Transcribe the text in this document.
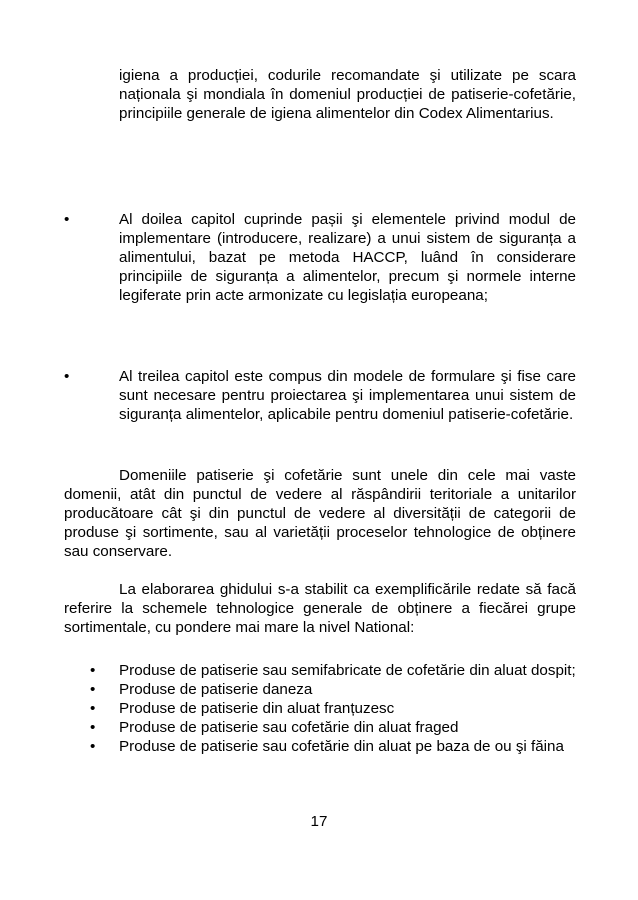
igiena a producției, codurile recomandate şi utilizate pe scara naționala şi mondiala în domeniul producției de patiserie-cofetărie, principiile generale de igiena alimentelor din Codex Alimentarius.

•	Al doilea capitol cuprinde pașii şi elementele privind modul de implementare (introducere, realizare) a unui sistem de siguranța a alimentului, bazat pe metoda HACCP, luând în considerare principiile de siguranța a alimentelor, precum şi normele interne legiferate prin acte armonizate cu legislația europeana;

•	Al treilea capitol este compus din modele de formulare şi fise care sunt necesare pentru proiectarea şi implementarea unui sistem de siguranța alimentelor, aplicabile pentru domeniul patiserie-cofetărie.

Domeniile patiserie şi cofetărie sunt unele din cele mai vaste domenii, atât din punctul de vedere al răspândirii teritoriale a unitarilor producătoare cât şi din punctul de vedere al diversității de categorii de produse şi sortimente, sau al varietății proceselor tehnologice de obținere sau conservare.

La elaborarea ghidului s-a stabilit ca exemplificările redate să facă referire la schemele tehnologice generale de obținere a fiecărei grupe sortimentale, cu pondere mai mare la nivel National:

• Produse de patiserie sau semifabricate de cofetărie din aluat dospit;

• Produse de patiserie daneza

• Produse de patiserie din aluat franțuzesc

• Produse de patiserie sau cofetărie din aluat fraged

• Produse de patiserie sau cofetărie din aluat pe baza de ou şi făina

17
